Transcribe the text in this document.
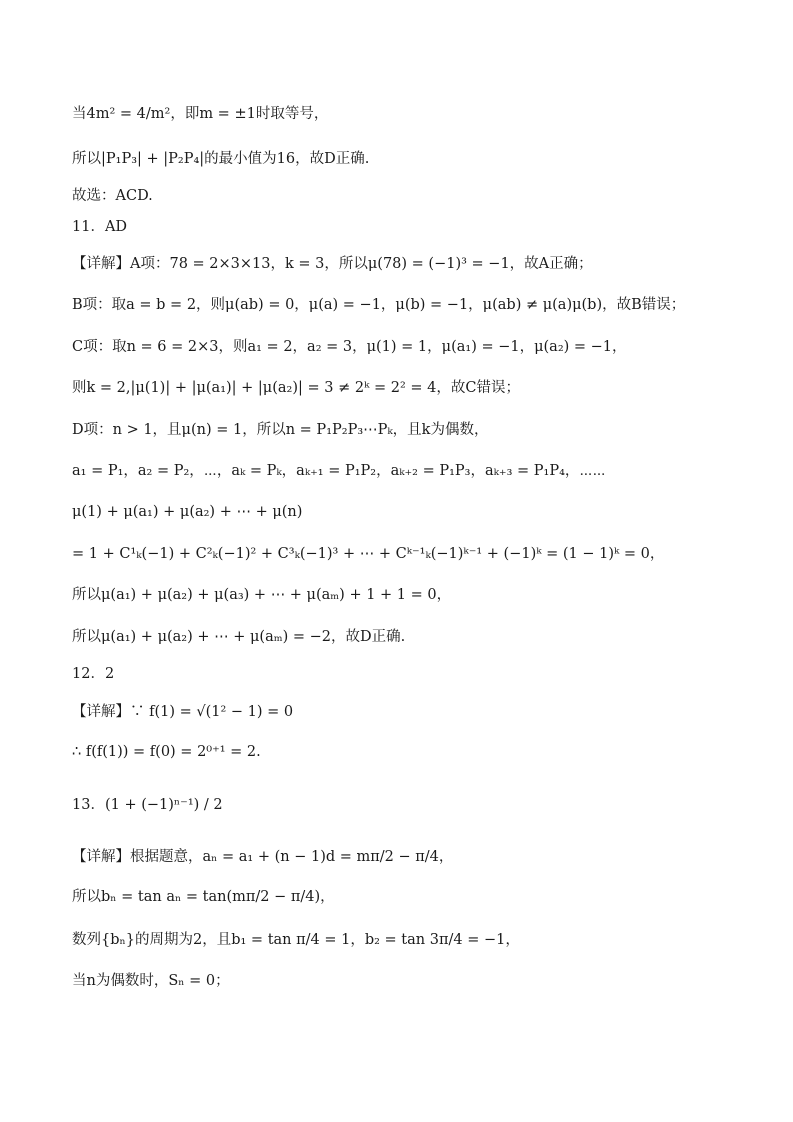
当4m² = 4/m²，即m = ±1时取等号，
所以|P₁P₃| + |P₂P₄|的最小值为16，故D正确.
故选：ACD.
11．AD
【详解】A项：78 = 2×3×13，k = 3，所以μ(78) = (−1)³ = −1，故A正确；
B项：取a = b = 2，则μ(ab) = 0，μ(a) = −1，μ(b) = −1，μ(ab) ≠ μ(a)μ(b)，故B错误；
C项：取n = 6 = 2×3，则a₁ = 2，a₂ = 3，μ(1) = 1，μ(a₁) = −1，μ(a₂) = −1，
则k = 2,|μ(1)| + |μ(a₁)| + |μ(a₂)| = 3 ≠ 2ᵏ = 2² = 4，故C错误；
D项：n > 1，且μ(n) = 1，所以n = P₁P₂P₃⋯Pₖ，且k为偶数，
a₁ = P₁，a₂ = P₂，⋯，aₖ = Pₖ，aₖ₊₁ = P₁P₂，aₖ₊₂ = P₁P₃，aₖ₊₃ = P₁P₄，⋯⋯
μ(1) + μ(a₁) + μ(a₂) + ⋯ + μ(n)
= 1 + C¹ₖ(−1) + C²ₖ(−1)² + C³ₖ(−1)³ + ⋯ + Cᵏ⁻¹ₖ(−1)ᵏ⁻¹ + (−1)ᵏ = (1 − 1)ᵏ = 0，
所以μ(a₁) + μ(a₂) + μ(a₃) + ⋯ + μ(aₘ) + 1 + 1 = 0，
所以μ(a₁) + μ(a₂) + ⋯ + μ(aₘ) = −2，故D正确.
12．2
【详解】∵ f(1) = √(1² − 1) = 0
∴ f(f(1)) = f(0) = 2⁰⁺¹ = 2.
13．(1 + (−1)ⁿ⁻¹) / 2
【详解】根据题意，aₙ = a₁ + (n − 1)d = mπ/2 − π/4，
所以bₙ = tan aₙ = tan(mπ/2 − π/4)，
数列{bₙ}的周期为2，且b₁ = tan π/4 = 1，b₂ = tan 3π/4 = −1，
当n为偶数时，Sₙ = 0；
